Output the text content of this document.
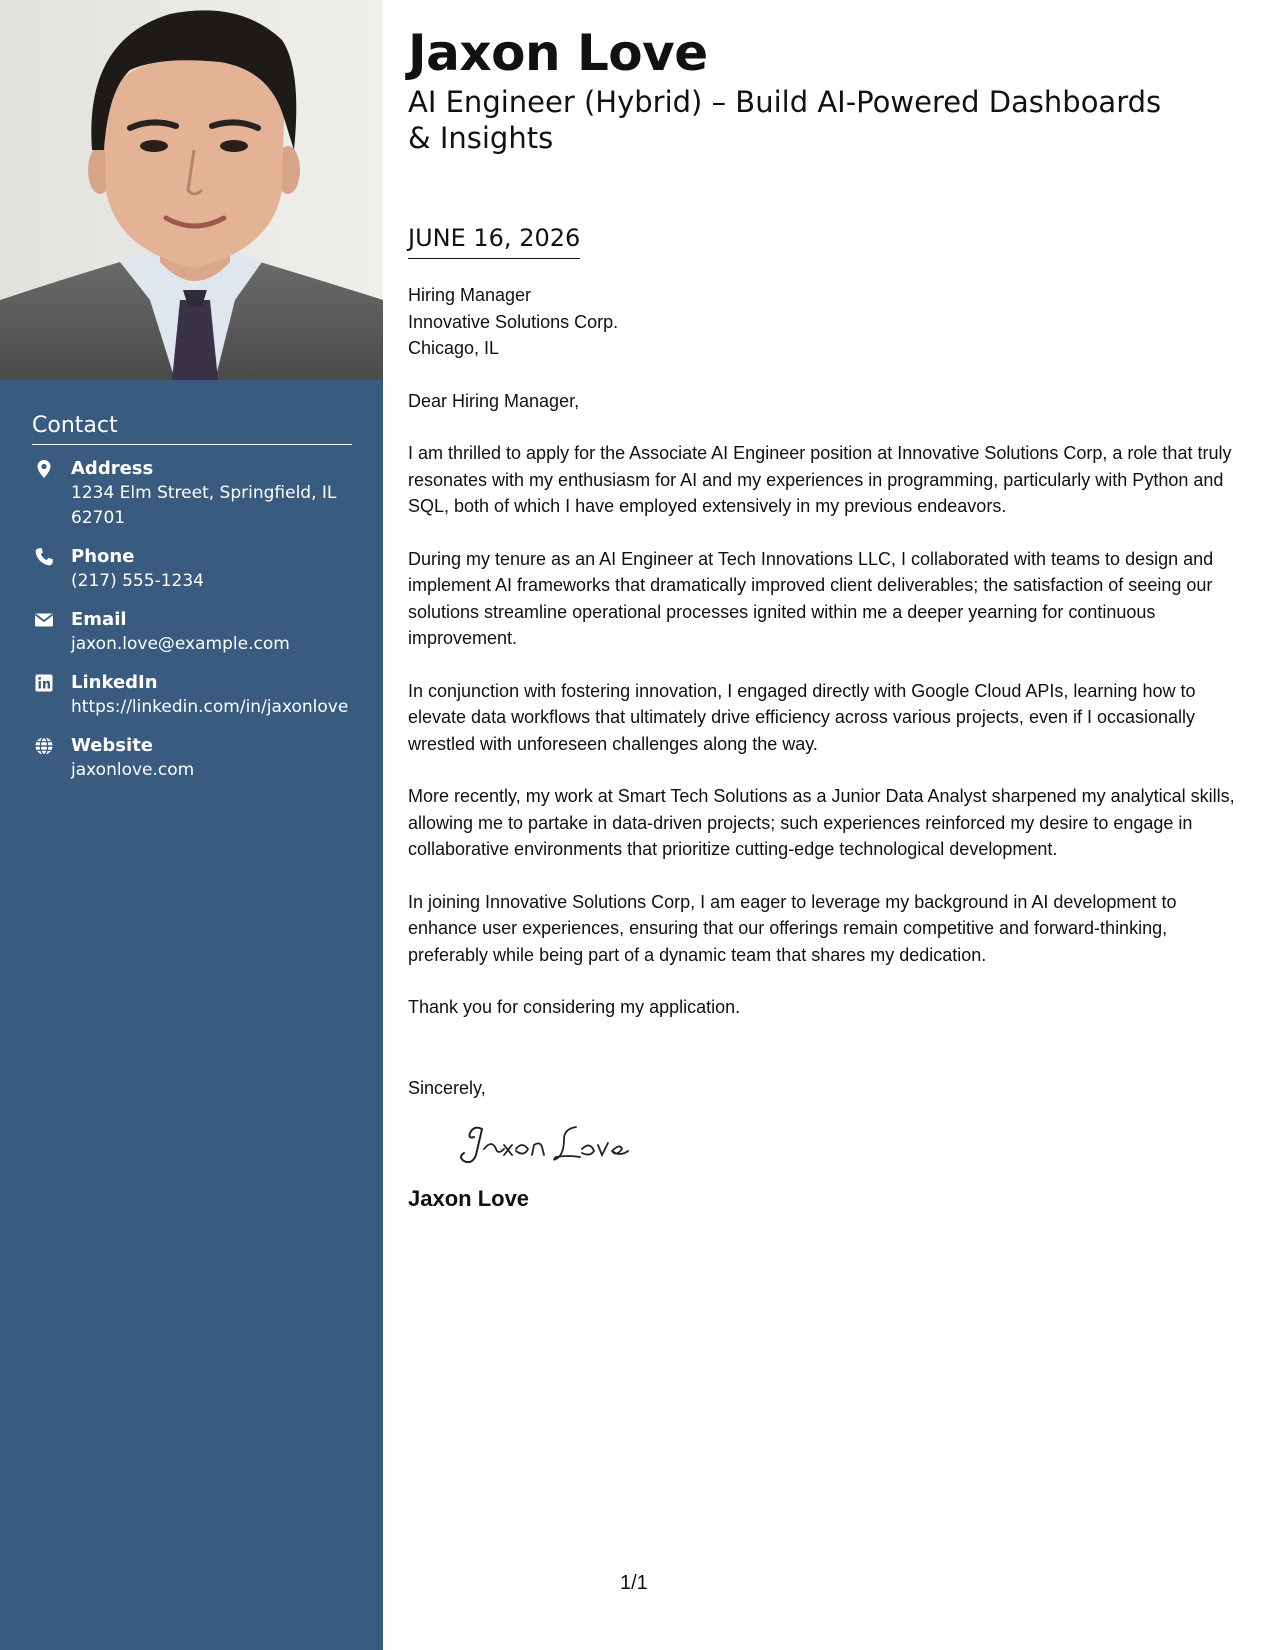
Contact
Address
1234 Elm Street, Springfield, IL 62701
Phone
(217) 555-1234
Email
jaxon.love@example.com
LinkedIn
https://linkedin.com/in/jaxonlove
Website
jaxonlove.com
Jaxon Love
AI Engineer (Hybrid) – Build AI-Powered Dashboards & Insights
JUNE 16, 2026

Hiring Manager

Innovative Solutions Corp.

Chicago, IL

Dear Hiring Manager,

I am thrilled to apply for the Associate AI Engineer position at Innovative Solutions Corp, a role that truly resonates with my enthusiasm for AI and my experiences in programming, particularly with Python and SQL, both of which I have employed extensively in my previous endeavors.

During my tenure as an AI Engineer at Tech Innovations LLC, I collaborated with teams to design and implement AI frameworks that dramatically improved client deliverables; the satisfaction of seeing our solutions streamline operational processes ignited within me a deeper yearning for continuous improvement.

In conjunction with fostering innovation, I engaged directly with Google Cloud APIs, learning how to elevate data workflows that ultimately drive efficiency across various projects, even if I occasionally wrestled with unforeseen challenges along the way.

More recently, my work at Smart Tech Solutions as a Junior Data Analyst sharpened my analytical skills, allowing me to partake in data-driven projects; such experiences reinforced my desire to engage in collaborative environments that prioritize cutting-edge technological development.

In joining Innovative Solutions Corp, I am eager to leverage my background in AI development to enhance user experiences, ensuring that our offerings remain competitive and forward-thinking, preferably while being part of a dynamic team that shares my dedication.

Thank you for considering my application.

Sincerely,
Jaxon Love
1/1
